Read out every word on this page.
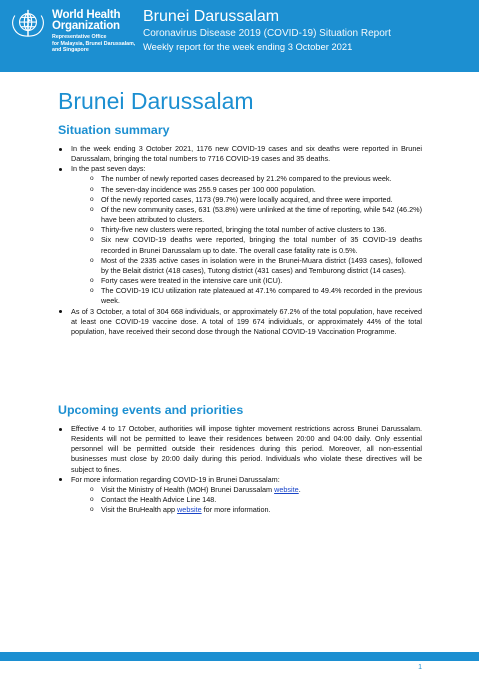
World Health
Organization
Representative Office
for Malaysia, Brunei Darussalam,
and Singapore
Brunei Darussalam
Coronavirus Disease 2019 (COVID-19) Situation Report
Weekly report for the week ending 3 October 2021
Brunei Darussalam
Situation summary
In the week ending 3 October 2021, 1176 new COVID-19 cases and six deaths were reported in Brunei Darussalam, bringing the total numbers to 7716 COVID-19 cases and 35 deaths.
In the past seven days:
o The number of newly reported cases decreased by 21.2% compared to the previous week.
o The seven-day incidence was 255.9 cases per 100 000 population.
o Of the newly reported cases, 1173 (99.7%) were locally acquired, and three were imported.
o Of the new community cases, 631 (53.8%) were unlinked at the time of reporting, while 542 (46.2%) have been attributed to clusters.
o Thirty-five new clusters were reported, bringing the total number of active clusters to 136.
o Six new COVID-19 deaths were reported, bringing the total number of 35 COVID-19 deaths recorded in Brunei Darussalam up to date. The overall case fatality rate is 0.5%.
o Most of the 2335 active cases in isolation were in the Brunei-Muara district (1493 cases), followed by the Belait district (418 cases), Tutong district (431 cases) and Temburong district (14 cases).
o Forty cases were treated in the intensive care unit (ICU).
o The COVID-19 ICU utilization rate plateaued at 47.1% compared to 49.4% recorded in the previous week.
As of 3 October, a total of 304 668 individuals, or approximately 67.2% of the total population, have received at least one COVID-19 vaccine dose. A total of 199 674 individuals, or approximately 44% of the total population, have received their second dose through the National COVID-19 Vaccination Programme.
Upcoming events and priorities
Effective 4 to 17 October, authorities will impose tighter movement restrictions across Brunei Darussalam. Residents will not be permitted to leave their residences between 20:00 and 04:00 daily. Only essential personnel will be permitted outside their residences during this period. Moreover, all non-essential businesses must close by 20:00 daily during this period. Individuals who violate these directives will be subject to fines.
For more information regarding COVID-19 in Brunei Darussalam:
o Visit the Ministry of Health (MOH) Brunei Darussalam website.
o Contact the Health Advice Line 148.
o Visit the BruHealth app website for more information.
1
